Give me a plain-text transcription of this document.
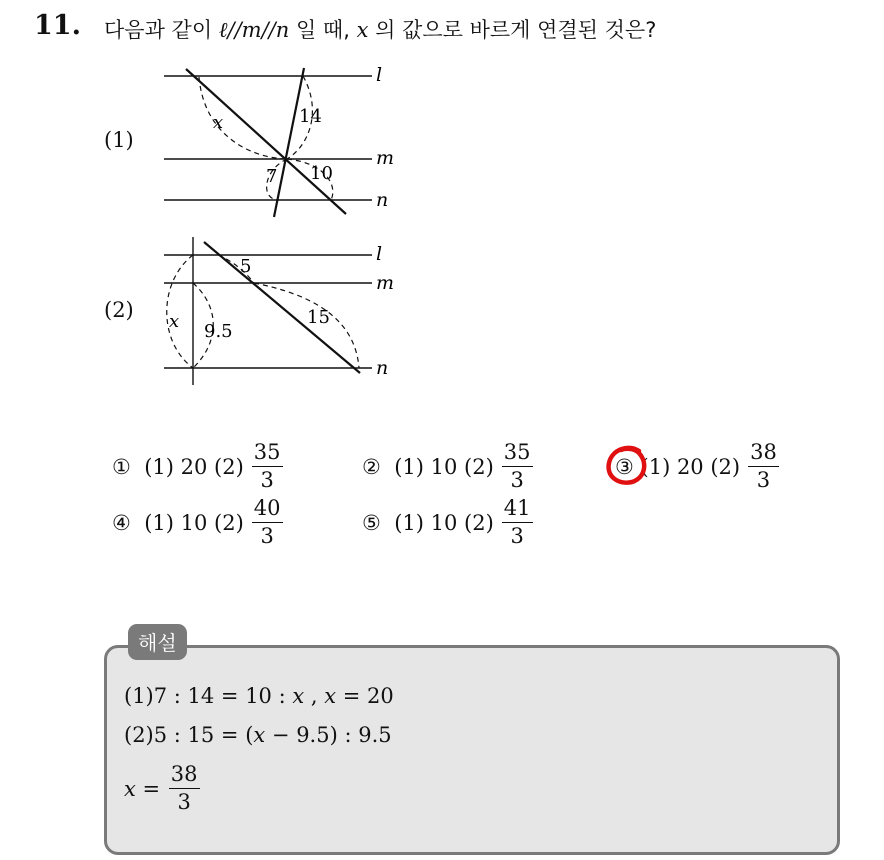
11. 다음과 같이 ℓ//m//n 일 때, x 의 값으로 바르게 연결된 것은?
(1)
l
m
n
x	14
7 10
(2)
l
m
n
5
x 9.5
15
①
(1) 20
$(2) \frac{35}{3}$	②
(1) 10
$(2) \frac{35}{3}$	③
(1) 20
$(2) \frac{38}{3}$
④
(1) 10
$(2) \frac{40}{3}$	⑤
(1) 10
$(2) \frac{41}{3}$
해설
(1)7 : 14 = 10 : x , x = 20
(2)5 : 15 = (x − 9.5) : 9.5
$x = \frac{38}{3}$
